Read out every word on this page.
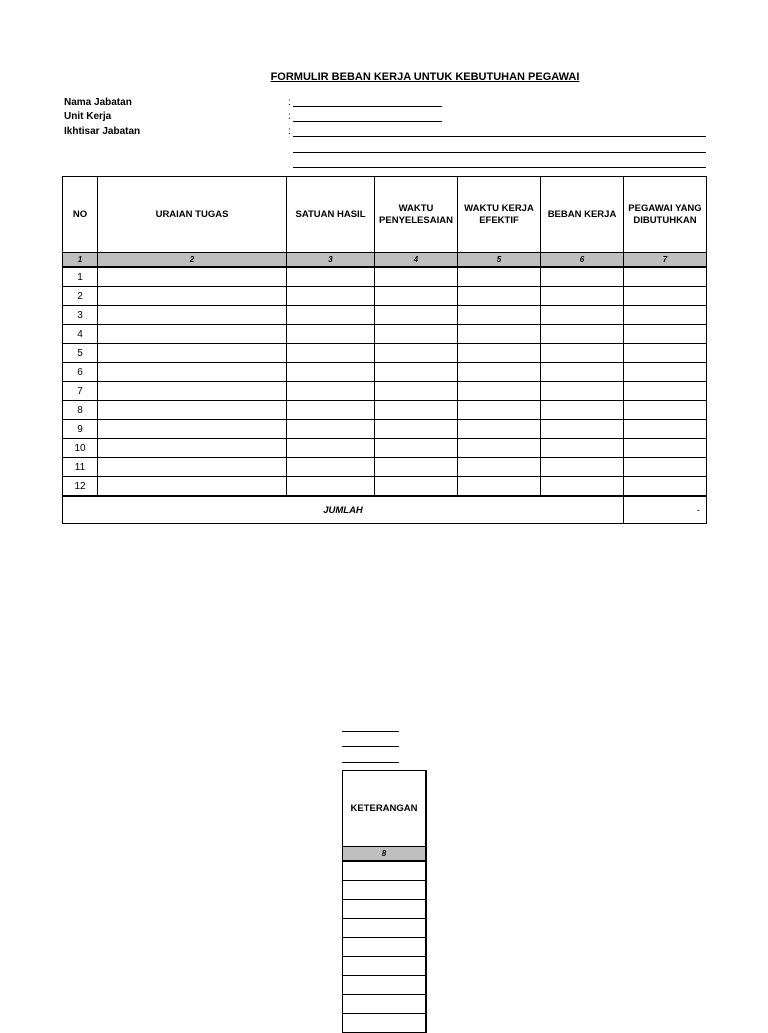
FORMULIR BEBAN KERJA UNTUK KEBUTUHAN PEGAWAI
Nama Jabatan	:
Unit Kerja	:
Ikhtisar Jabatan	:
NO	URAIAN TUGAS	SATUAN HASIL	WAKTU PENYELESAIAN	WAKTU KERJA EFEKTIF	BEBAN KERJA	PEGAWAI YANG DIBUTUHKAN
1	2	3	4	5	6	7
1						
2						
3						
4						
5						
6						
7						
8						
9						
10						
11						
12						
JUMLAH						-
KETERANGAN
8
